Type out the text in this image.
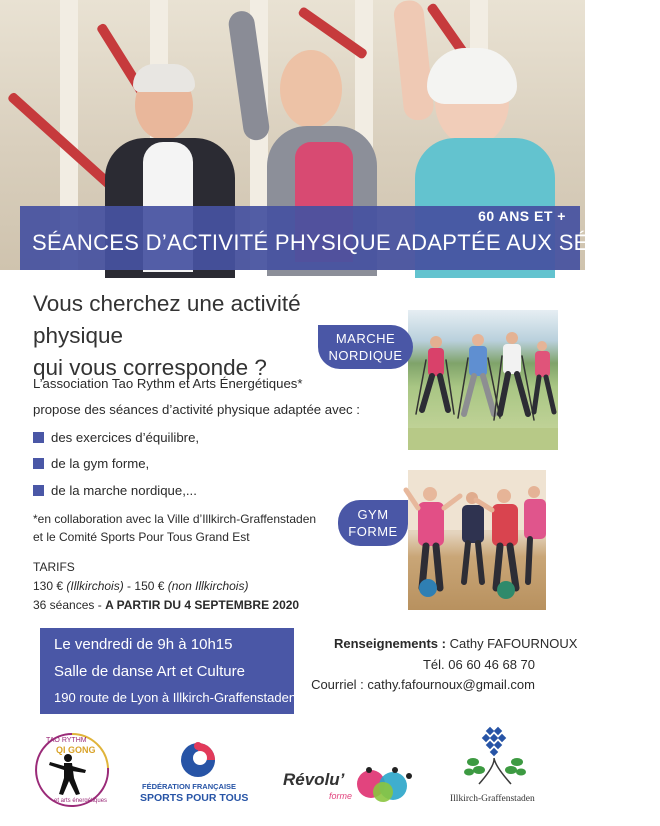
60 ANS ET +
SÉANCES D’ACTIVITÉ PHYSIQUE ADAPTÉE AUX SÉNIORS
Vous cherchez une activité physique
qui vous corresponde ?
L’association Tao Rythm et Arts Énergétiques*
propose des séances d’activité physique adaptée avec :
des exercices d’équilibre,
de la gym forme,
de la marche nordique,...
*en collaboration avec la Ville d’Illkirch-Graffenstaden
et le Comité Sports Pour Tous Grand Est
TARIFS
130 € (Illkirchois) - 150 € (non Illkirchois)
36 séances - A PARTIR DU 4 SEPTEMBRE 2020
MARCHE
NORDIQUE
GYM
FORME
Le vendredi de 9h à 10h15
Salle de danse Art et Culture
190 route de Lyon à Illkirch-Graffenstaden
Renseignements : Cathy FAFOURNOUX
Tél. 06 60 46 68 70
Courriel : cathy.fafournoux@gmail.com
TAO RYTHM
QI GONG
et arts énergétiques
FÉDÉRATION FRANÇAISE
SPORTS POUR TOUS
Révolu’
forme	Illkirch-Graffenstaden
